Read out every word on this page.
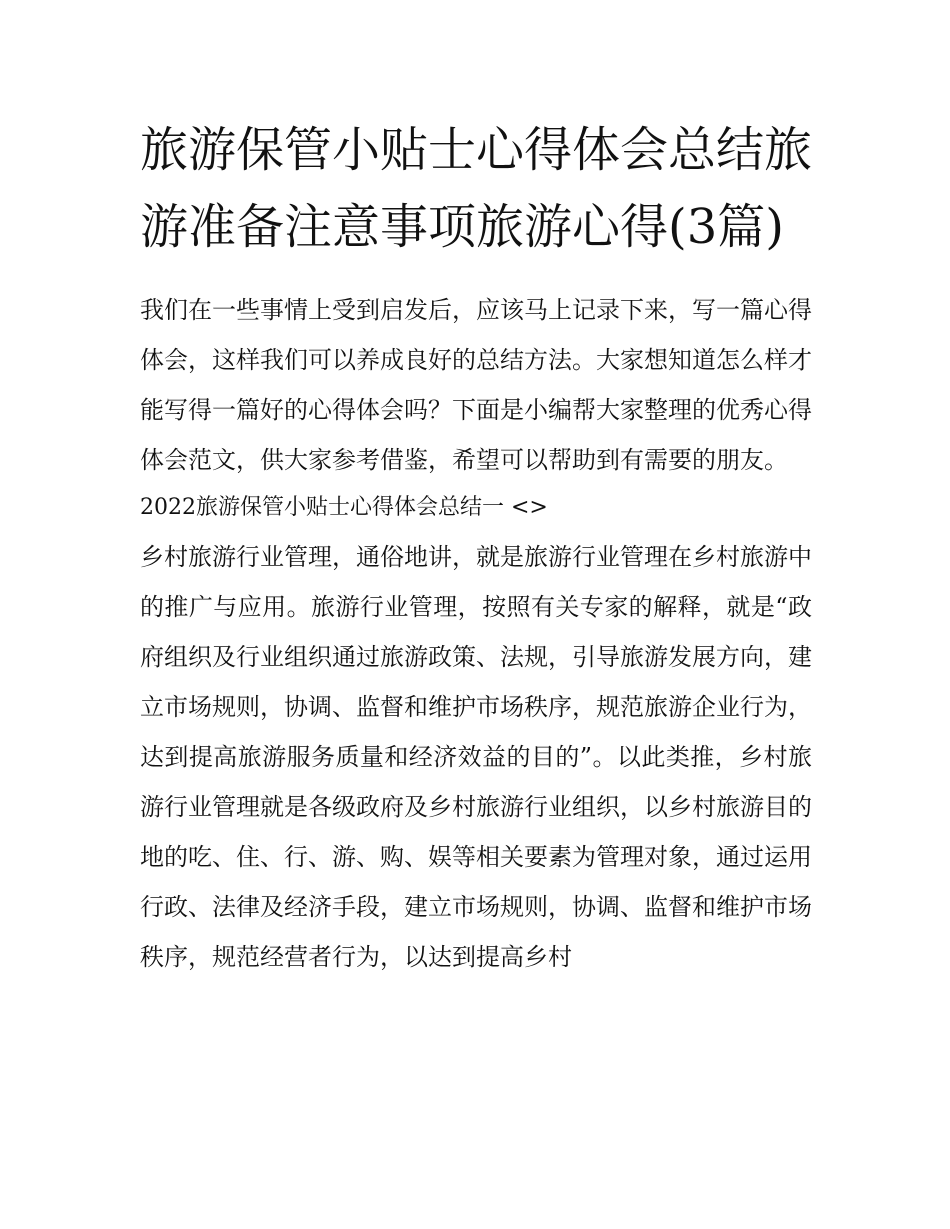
旅游保管小贴士心得体会总结旅游准备注意事项旅游心得(3篇)

我们在一些事情上受到启发后，应该马上记录下来，写一篇心得体会，这样我们可以养成良好的总结方法。大家想知道怎么样才能写得一篇好的心得体会吗？下面是小编帮大家整理的优秀心得体会范文，供大家参考借鉴，希望可以帮助到有需要的朋友。

2022旅游保管小贴士心得体会总结一 <>

乡村旅游行业管理，通俗地讲，就是旅游行业管理在乡村旅游中的推广与应用。旅游行业管理，按照有关专家的解释，就是“政府组织及行业组织通过旅游政策、法规，引导旅游发展方向，建立市场规则，协调、监督和维护市场秩序，规范旅游企业行为，达到提高旅游服务质量和经济效益的目的”。以此类推，乡村旅游行业管理就是各级政府及乡村旅游行业组织，以乡村旅游目的地的吃、住、行、游、购、娱等相关要素为管理对象，通过运用行政、法律及经济手段，建立市场规则，协调、监督和维护市场秩序，规范经营者行为，以达到提高乡村
